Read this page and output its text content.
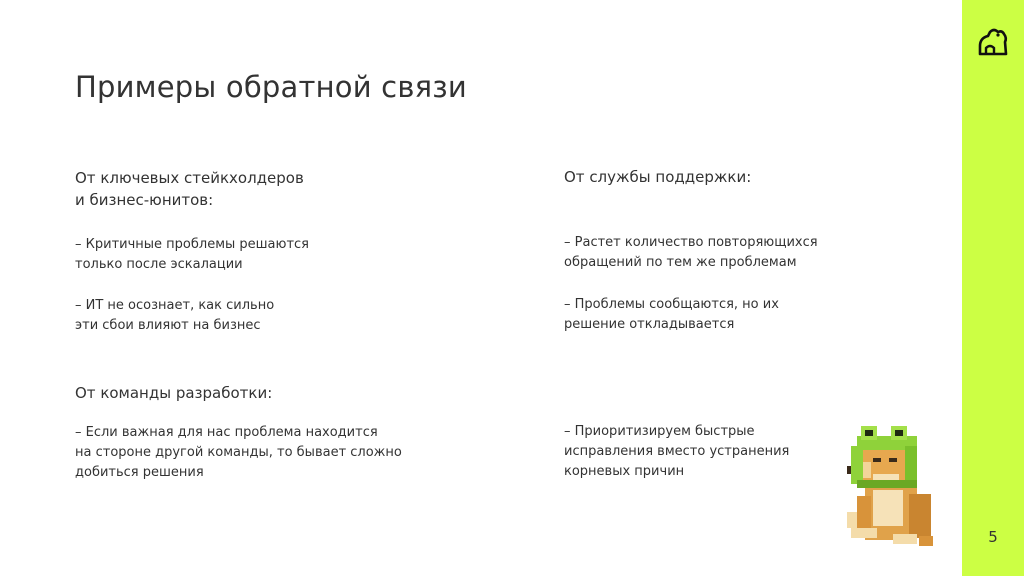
Примеры обратной связи
От ключевых стейкхолдеров
и бизнес-юнитов:
– Критичные проблемы решаются
только после эскалации
– ИТ не осознает, как сильно
эти сбои влияют на бизнес
От службы поддержки:
– Растет количество повторяющихся
обращений по тем же проблемам
– Проблемы сообщаются, но их
решение откладывается
От команды разработки:
– Если важная для нас проблема находится
на стороне другой команды, то бывает сложно
добиться решения
– Приоритизируем быстрые
исправления вместо устранения
корневых причин
5
